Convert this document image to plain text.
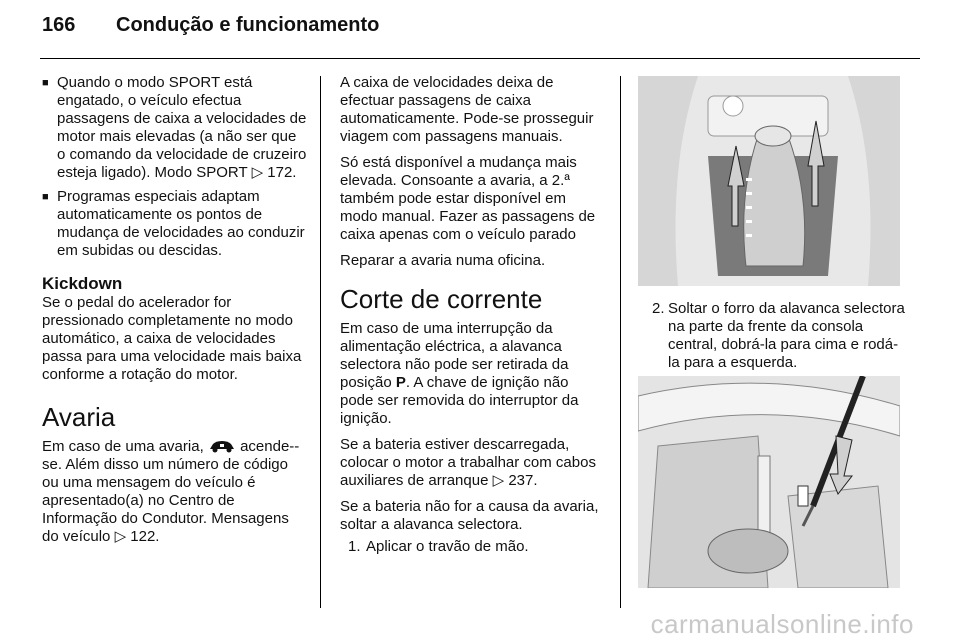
166	Condução e funcionamento
■ Quando o modo SPORT está engatado, o veículo efectua passagens de caixa a velocidades de motor mais elevadas (a não ser que o comando da velocidade de cruzeiro esteja ligado). Modo SPORT ▷ 172.
■ Programas especiais adaptam automaticamente os pontos de mudança de velocidades ao conduzir em subidas ou descidas.
Kickdown

Se o pedal do acelerador for pressionado completamente no modo automático, a caixa de velocidades passa para uma velocidade mais baixa conforme a rotação do motor.

Avaria

Em caso de uma avaria, acende--se. Além disso um número de código ou uma mensagem do veículo é apresentado(a) no Centro de Informação do Condutor. Mensagens do veículo ▷ 122.

A caixa de velocidades deixa de efectuar passagens de caixa automaticamente. Pode-se prosseguir viagem com passagens manuais.

Só está disponível a mudança mais elevada. Consoante a avaria, a 2.ª também pode estar disponível em modo manual. Fazer as passagens de caixa apenas com o veículo parado

Reparar a avaria numa oficina.

Corte de corrente

Em caso de uma interrupção da alimentação eléctrica, a alavanca selectora não pode ser retirada da posição P. A chave de ignição não pode ser removida do interruptor da ignição.

Se a bateria estiver descarregada, colocar o motor a trabalhar com cabos auxiliares de arranque ▷ 237.

Se a bateria não for a causa da avaria, soltar a alavanca selectora.

1. Aplicar o travão de mão.
2. Soltar o forro da alavanca selectora na parte da frente da consola central, dobrá-la para cima e rodá-la para a esquerda.
carmanualsonline.info
